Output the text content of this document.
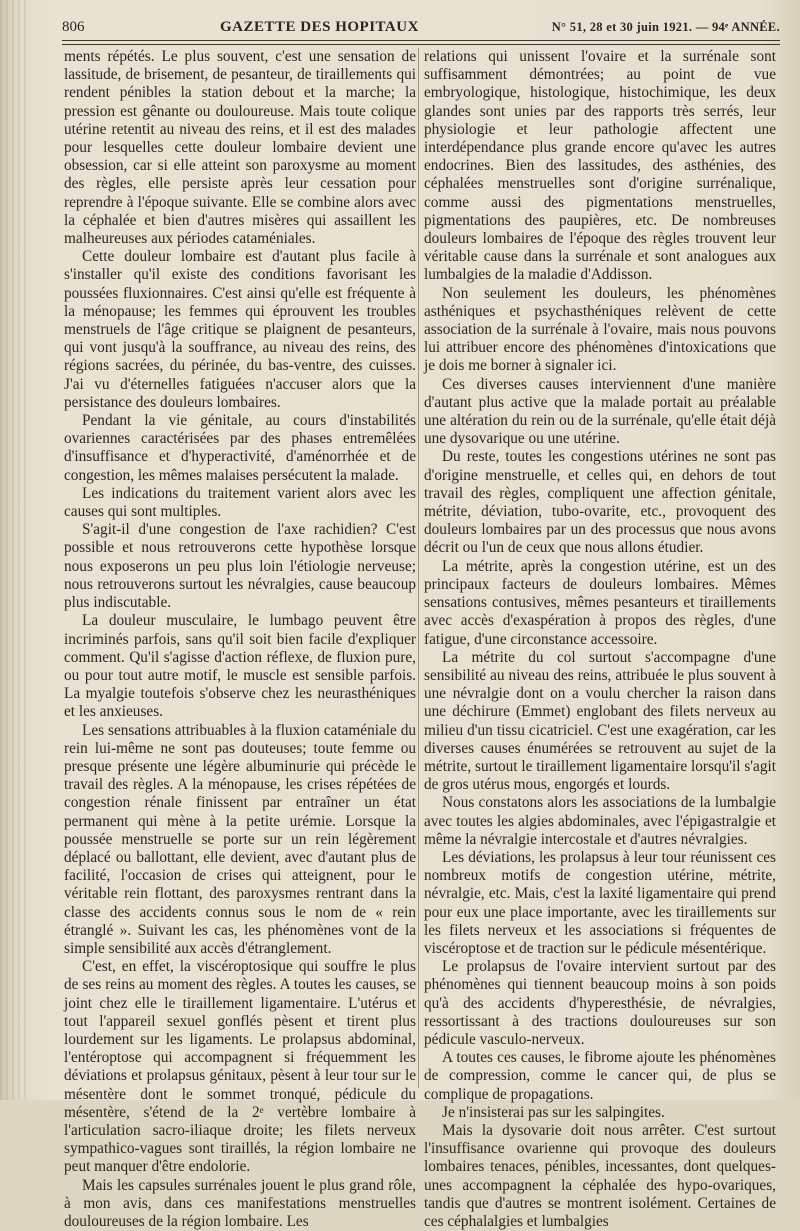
806	GAZETTE DES HOPITAUX	N° 51, 28 et 30 juin 1921. — 94ᵉ ANNÉE.

ments répétés. Le plus souvent, c'est une sensation de lassitude, de brisement, de pesanteur, de tiraillements qui rendent pénibles la station debout et la marche; la pression est gênante ou douloureuse. Mais toute colique utérine retentit au niveau des reins, et il est des malades pour lesquelles cette douleur lombaire devient une obsession, car si elle atteint son paroxysme au moment des règles, elle persiste après leur cessation pour reprendre à l'époque suivante. Elle se combine alors avec la céphalée et bien d'autres misères qui assaillent les malheureuses aux périodes cataméniales.

Cette douleur lombaire est d'autant plus facile à s'installer qu'il existe des conditions favorisant les poussées fluxionnaires. C'est ainsi qu'elle est fréquente à la ménopause; les femmes qui éprouvent les troubles menstruels de l'âge critique se plaignent de pesanteurs, qui vont jusqu'à la souffrance, au niveau des reins, des régions sacrées, du périnée, du bas-ventre, des cuisses. J'ai vu d'éternelles fatiguées n'accuser alors que la persistance des douleurs lombaires.

Pendant la vie génitale, au cours d'instabilités ovariennes caractérisées par des phases entremêlées d'insuffisance et d'hyperactivité, d'aménorrhée et de congestion, les mêmes malaises persécutent la malade.

Les indications du traitement varient alors avec les causes qui sont multiples.

S'agit-il d'une congestion de l'axe rachidien? C'est possible et nous retrouverons cette hypothèse lorsque nous exposerons un peu plus loin l'étiologie nerveuse; nous retrouverons surtout les névralgies, cause beaucoup plus indiscutable.

La douleur musculaire, le lumbago peuvent être incriminés parfois, sans qu'il soit bien facile d'expliquer comment. Qu'il s'agisse d'action réflexe, de fluxion pure, ou pour tout autre motif, le muscle est sensible parfois. La myalgie toutefois s'observe chez les neurasthéniques et les anxieuses.

Les sensations attribuables à la fluxion cataméniale du rein lui-même ne sont pas douteuses; toute femme ou presque présente une légère albuminurie qui précède le travail des règles. A la ménopause, les crises répétées de congestion rénale finissent par entraîner un état permanent qui mène à la petite urémie. Lorsque la poussée menstruelle se porte sur un rein légèrement déplacé ou ballottant, elle devient, avec d'autant plus de facilité, l'occasion de crises qui atteignent, pour le véritable rein flottant, des paroxysmes rentrant dans la classe des accidents connus sous le nom de « rein étranglé ». Suivant les cas, les phénomènes vont de la simple sensibilité aux accès d'étranglement.

C'est, en effet, la viscéroptosique qui souffre le plus de ses reins au moment des règles. A toutes les causes, se joint chez elle le tiraillement ligamentaire. L'utérus et tout l'appareil sexuel gonflés pèsent et tirent plus lourdement sur les ligaments. Le prolapsus abdominal, l'entéroptose qui accompagnent si fréquemment les déviations et prolapsus génitaux, pèsent à leur tour sur le mésentère dont le sommet tronqué, pédicule du mésentère, s'étend de la 2ᵉ vertèbre lombaire à l'articulation sacro-iliaque droite; les filets nerveux sympathico-vagues sont tiraillés, la région lombaire ne peut manquer d'être endolorie.

Mais les capsules surrénales jouent le plus grand rôle, à mon avis, dans ces manifestations menstruelles douloureuses de la région lombaire. Les

relations qui unissent l'ovaire et la surrénale sont suffisamment démontrées; au point de vue embryologique, histologique, histochimique, les deux glandes sont unies par des rapports très serrés, leur physiologie et leur pathologie affectent une interdépendance plus grande encore qu'avec les autres endocrines. Bien des lassitudes, des asthénies, des céphalées menstruelles sont d'origine surrénalique, comme aussi des pigmentations menstruelles, pigmentations des paupières, etc. De nombreuses douleurs lombaires de l'époque des règles trouvent leur véritable cause dans la surrénale et sont analogues aux lumbalgies de la maladie d'Addisson.

Non seulement les douleurs, les phénomènes asthéniques et psychasthéniques relèvent de cette association de la surrénale à l'ovaire, mais nous pouvons lui attribuer encore des phénomènes d'intoxications que je dois me borner à signaler ici.

Ces diverses causes interviennent d'une manière d'autant plus active que la malade portait au préalable une altération du rein ou de la surrénale, qu'elle était déjà une dysovarique ou une utérine.

Du reste, toutes les congestions utérines ne sont pas d'origine menstruelle, et celles qui, en dehors de tout travail des règles, compliquent une affection génitale, métrite, déviation, tubo-ovarite, etc., provoquent des douleurs lombaires par un des processus que nous avons décrit ou l'un de ceux que nous allons étudier.

La métrite, après la congestion utérine, est un des principaux facteurs de douleurs lombaires. Mêmes sensations contusives, mêmes pesanteurs et tiraillements avec accès d'exaspération à propos des règles, d'une fatigue, d'une circonstance accessoire.

La métrite du col surtout s'accompagne d'une sensibilité au niveau des reins, attribuée le plus souvent à une névralgie dont on a voulu chercher la raison dans une déchirure (Emmet) englobant des filets nerveux au milieu d'un tissu cicatriciel. C'est une exagération, car les diverses causes énumérées se retrouvent au sujet de la métrite, surtout le tiraillement ligamentaire lorsqu'il s'agit de gros utérus mous, engorgés et lourds.

Nous constatons alors les associations de la lumbalgie avec toutes les algies abdominales, avec l'épigastralgie et même la névralgie intercostale et d'autres névralgies.

Les déviations, les prolapsus à leur tour réunissent ces nombreux motifs de congestion utérine, métrite, névralgie, etc. Mais, c'est la laxité ligamentaire qui prend pour eux une place importante, avec les tiraillements sur les filets nerveux et les associations si fréquentes de viscéroptose et de traction sur le pédicule mésentérique.

Le prolapsus de l'ovaire intervient surtout par des phénomènes qui tiennent beaucoup moins à son poids qu'à des accidents d'hyperesthésie, de névralgies, ressortissant à des tractions douloureuses sur son pédicule vasculo-nerveux.

A toutes ces causes, le fibrome ajoute les phénomènes de compression, comme le cancer qui, de plus se complique de propagations.

Je n'insisterai pas sur les salpingites.

Mais la dysovarie doit nous arrêter. C'est surtout l'insuffisance ovarienne qui provoque des douleurs lombaires tenaces, pénibles, incessantes, dont quelques-unes accompagnent la céphalée des hypo-ovariques, tandis que d'autres se montrent isolément. Certaines de ces céphalalgies et lumbalgies
